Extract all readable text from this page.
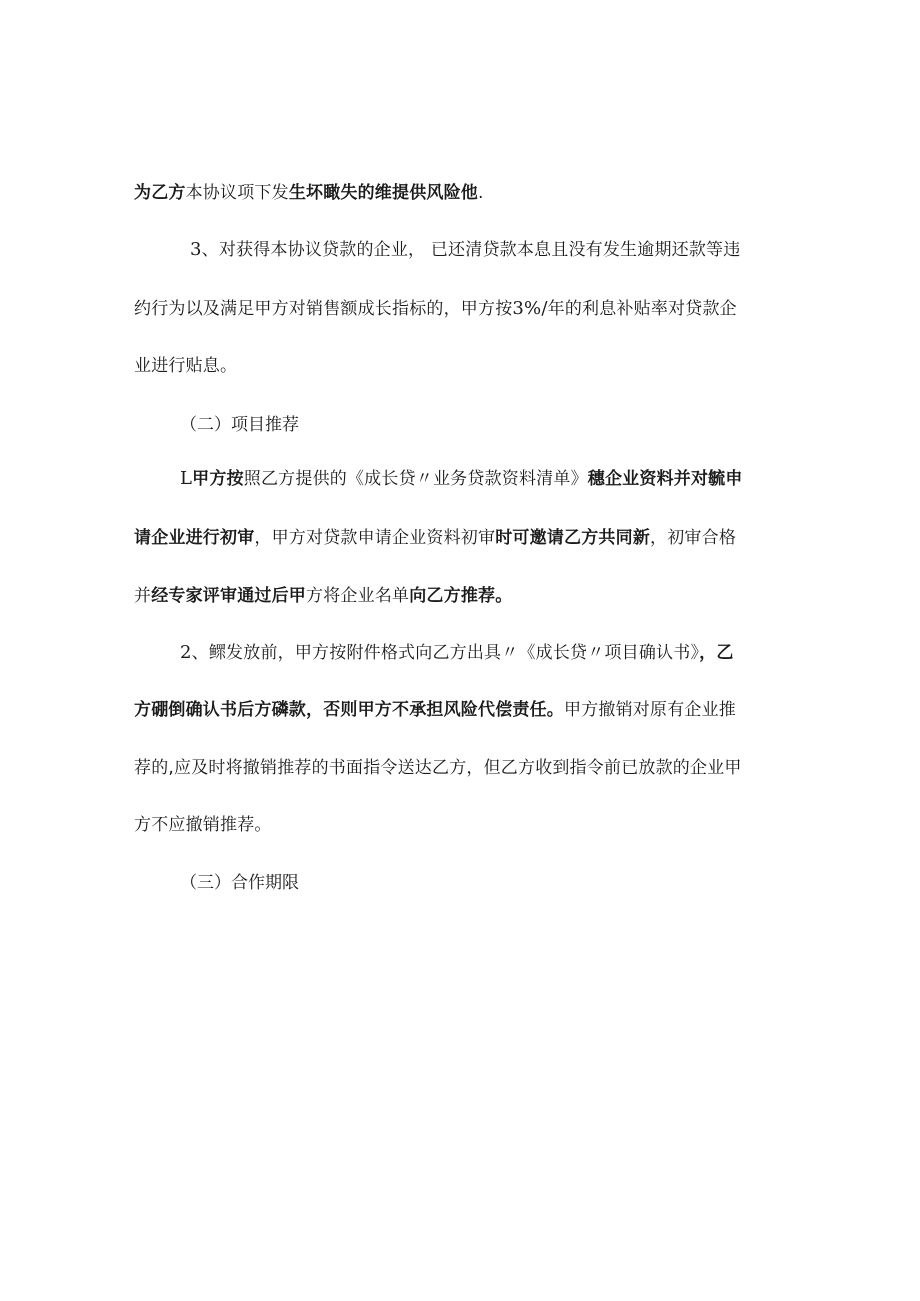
为乙方本协议项下发生坏瞰失的维提供风险他.
3、对获得本协议贷款的企业， 已还清贷款本息且没有发生逾期还款等违
约行为以及满足甲方对销售额成长指标的，甲方按3%/年的利息补贴率对贷款企
业进行贴息。
（二）项目推荐
L甲方按照乙方提供的《成长贷〃业务贷款资料清单》穗企业资料并对毓申
请企业进行初审，甲方对贷款申请企业资料初审时可邀请乙方共同新，初审合格
并经专家评审通过后甲方将企业名单向乙方推荐。
2、鳏发放前，甲方按附件格式向乙方出具〃《成长贷〃项目确认书》，乙
方硼倒确认书后方磷款，否则甲方不承担风险代偿责任。甲方撤销对原有企业推
荐的,应及时将撤销推荐的书面指令送达乙方，但乙方收到指令前已放款的企业甲
方不应撤销推荐。
（三）合作期限
